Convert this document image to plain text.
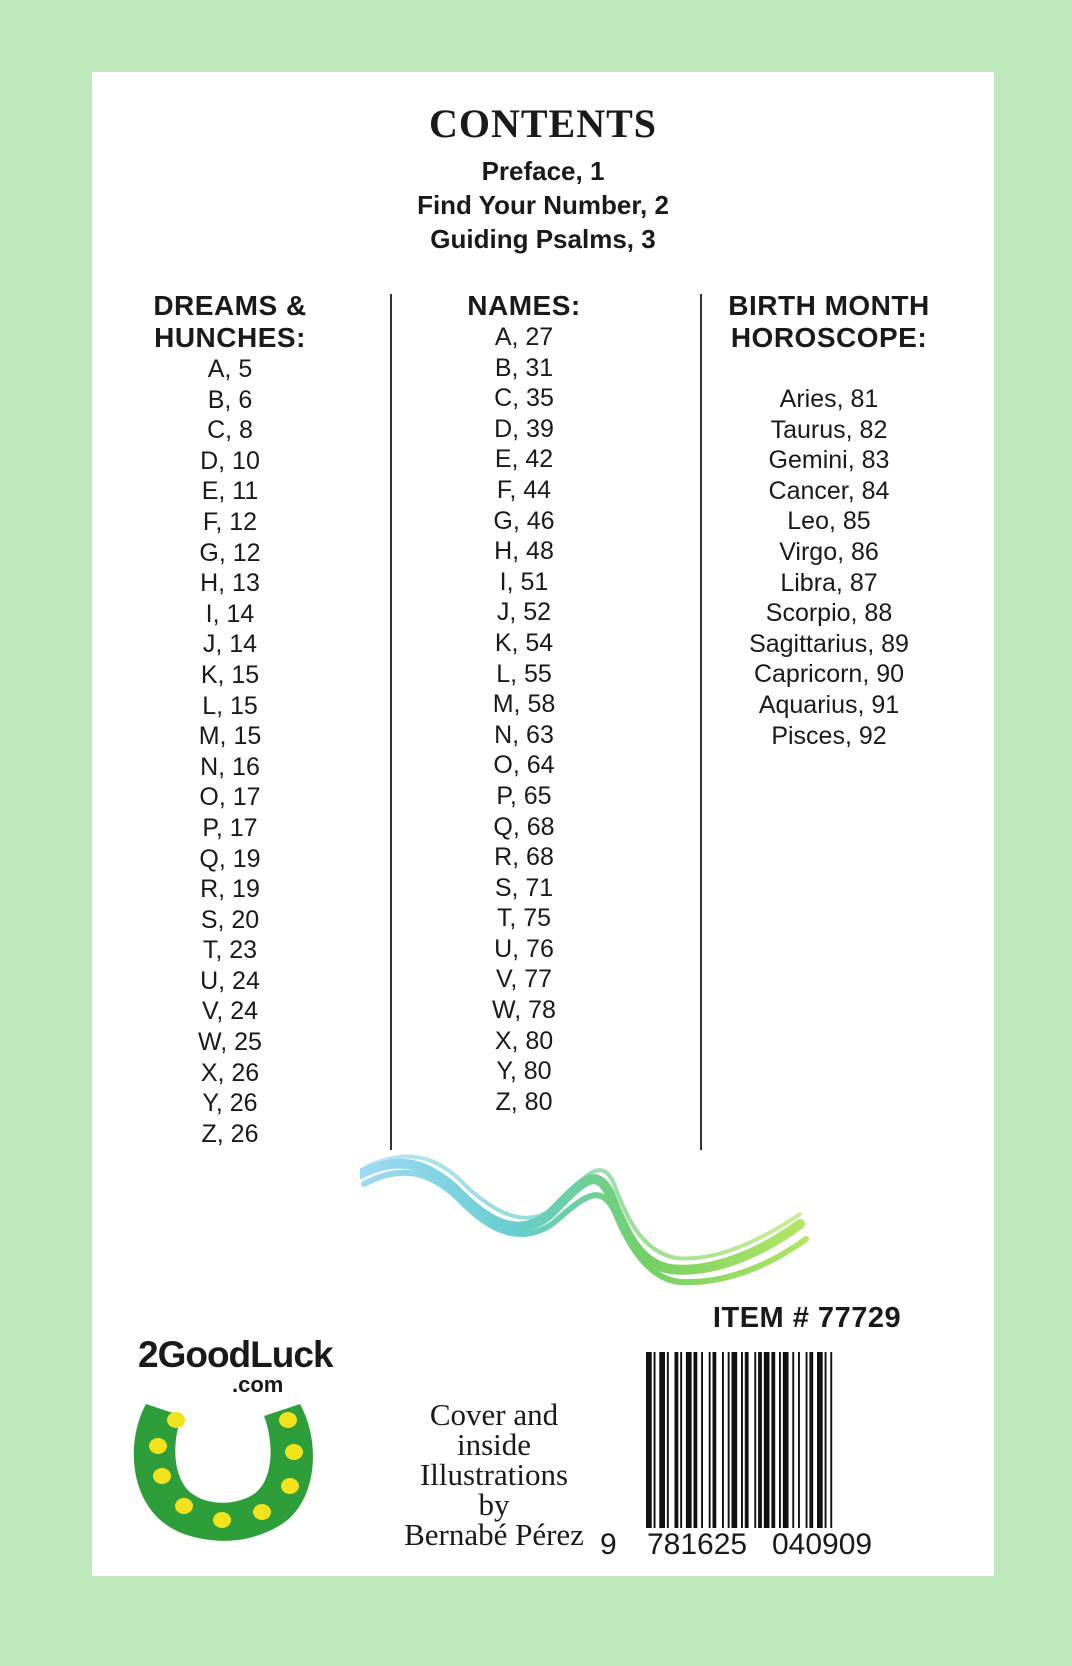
CONTENTS
Preface, 1
Find Your Number, 2
Guiding Psalms, 3
DREAMS &
HUNCHES:
A, 5
B, 6
C, 8
D, 10
E, 11
F, 12
G, 12
H, 13
I, 14
J, 14
K, 15
L, 15
M, 15
N, 16
O, 17
P, 17
Q, 19
R, 19
S, 20
T, 23
U, 24
V, 24
W, 25
X, 26
Y, 26
Z, 26
NAMES:
A, 27
B, 31
C, 35
D, 39
E, 42
F, 44
G, 46
H, 48
I, 51
J, 52
K, 54
L, 55
M, 58
N, 63
O, 64
P, 65
Q, 68
R, 68
S, 71
T, 75
U, 76
V, 77
W, 78
X, 80
Y, 80
Z, 80
BIRTH MONTH
HOROSCOPE:
Aries, 81
Taurus, 82
Gemini, 83
Cancer, 84
Leo, 85
Virgo, 86
Libra, 87
Scorpio, 88
Sagittarius, 89
Capricorn, 90
Aquarius, 91
Pisces, 92
ITEM # 77729
9 781625 040909
2GoodLuck
.com
Cover and
inside
Illustrations
by
Bernabé Pérez
